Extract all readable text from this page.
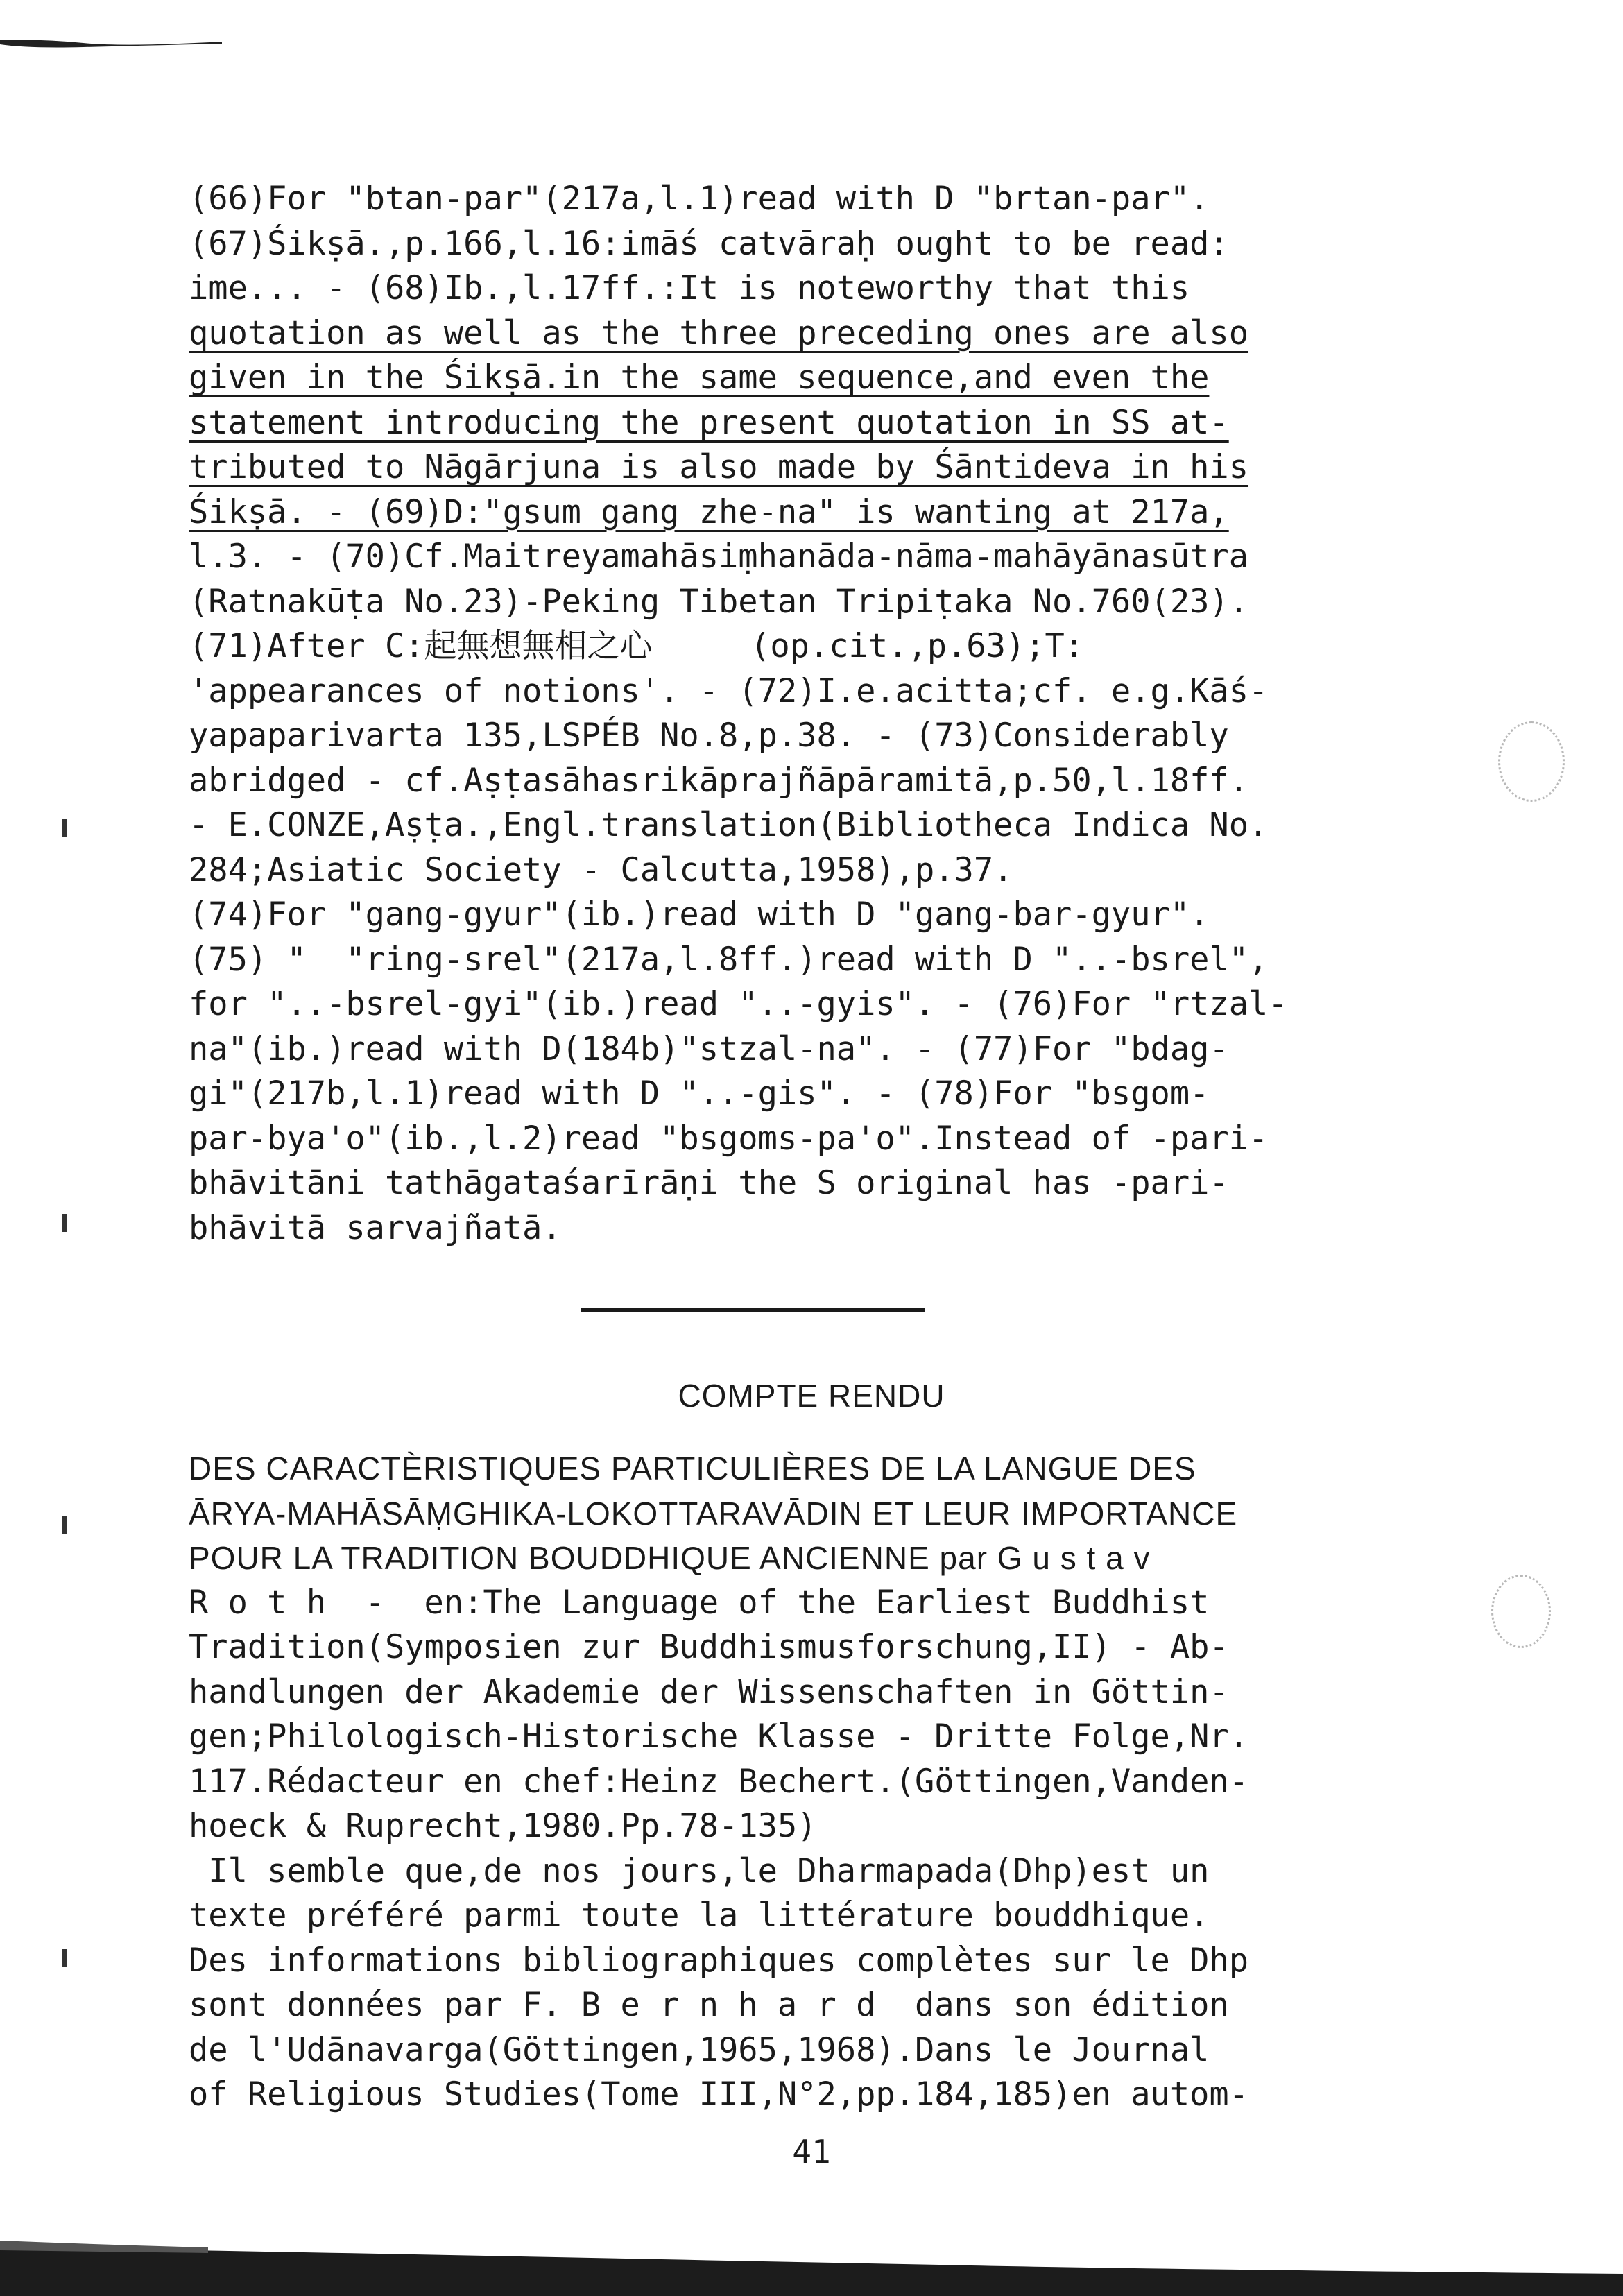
(66)For "btan-par"(217a,l.1)read with D "brtan-par".
(67)Śikṣā.,p.166,l.16:imāś catvāraḥ ought to be read:
ime... - (68)Ib.,l.17ff.:It is noteworthy that this
quotation as well as the three preceding ones are also
given in the Śikṣā.in the same sequence,and even the
statement introducing the present quotation in SS at-
tributed to Nāgārjuna is also made by Śāntideva in his
Śikṣā. - (69)D:"gsum gang zhe-na" is wanting at 217a,
l.3. - (70)Cf.Maitreyamahāsiṃhanāda-nāma-mahāyānasūtra
(Ratnakūṭa No.23)-Peking Tibetan Tripiṭaka No.760(23).
(71)After C:起無想無相之心     (op.cit.,p.63);T:
'appearances of notions'. - (72)I.e.acitta;cf. e.g.Kāś-
yapaparivarta 135,LSPÉB No.8,p.38. - (73)Considerably
abridged - cf.Aṣṭasāhasrikāprajñāpāramitā,p.50,l.18ff.
- E.CONZE,Aṣṭa.,Engl.translation(Bibliotheca Indica No.
284;Asiatic Society - Calcutta,1958),p.37.
(74)For "gang-gyur"(ib.)read with D "gang-bar-gyur".
(75) "  "ring-srel"(217a,l.8ff.)read with D "..-bsrel",
for "..-bsrel-gyi"(ib.)read "..-gyis". - (76)For "rtzal-
na"(ib.)read with D(184b)"stzal-na". - (77)For "bdag-
gi"(217b,l.1)read with D "..-gis". - (78)For "bsgom-
par-bya'o"(ib.,l.2)read "bsgoms-pa'o".Instead of -pari-
bhāvitāni tathāgataśarīrāṇi the S original has -pari-
bhāvitā sarvajñatā.
COMPTE RENDU
DES CARACTÈRISTIQUES PARTICULIÈRES DE LA LANGUE DES
ĀRYA-MAHĀSĀṂGHIKA-LOKOTTARAVĀDIN ET LEUR IMPORTANCE
POUR LA TRADITION BOUDDHIQUE ANCIENNE par G u s t a v
R o t h  -  en:The Language of the Earliest Buddhist
Tradition(Symposien zur Buddhismusforschung,II) - Ab-
handlungen der Akademie der Wissenschaften in Göttin-
gen;Philologisch-Historische Klasse - Dritte Folge,Nr.
117.Rédacteur en chef:Heinz Bechert.(Göttingen,Vanden-
hoeck & Ruprecht,1980.Pp.78-135)
Il semble que,de nos jours,le Dharmapada(Dhp)est un
texte préféré parmi toute la littérature bouddhique.
Des informations bibliographiques complètes sur le Dhp
sont données par F. B e r n h a r d  dans son édition
de l'Udānavarga(Göttingen,1965,1968).Dans le Journal
of Religious Studies(Tome III,N°2,pp.184,185)en autom-
41
